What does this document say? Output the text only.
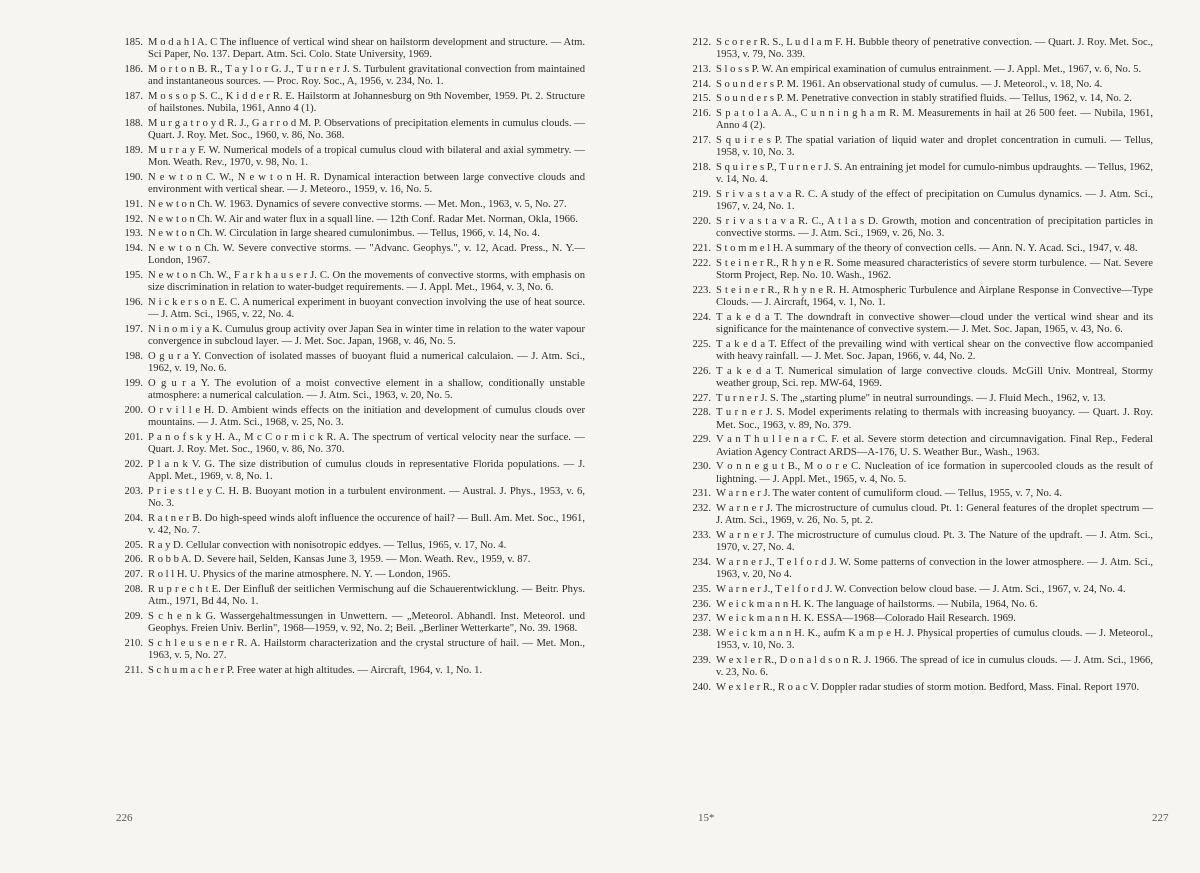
185. M o d a h l A. C The influence of vertical wind shear on hailstorm development and structure. — Atm. Sci Paper, No. 137. Depart. Atm. Sci. Colo. State University, 1969.
186. M o r t o n B. R., T a y l o r G. J., T u r n e r J. S. Turbulent gravitational convection from maintained and instantaneous sources. — Proc. Roy. Soc., A, 1956, v. 234, No. 1.
187. M o s s o p S. C., K i d d e r R. E. Hailstorm at Johannesburg on 9th November, 1959. Pt. 2. Structure of hailstones. Nubila, 1961, Anno 4 (1).
188. M u r g a t r o y d R. J., G a r r o d M. P. Observations of precipitation elements in cumulus clouds. — Quart. J. Roy. Met. Soc., 1960, v. 86, No. 368.
189. M u r r a y F. W. Numerical models of a tropical cumulus cloud with bilateral and axial symmetry. — Mon. Weath. Rev., 1970, v. 98, No. 1.
190. N e w t o n C. W., N e w t o n H. R. Dynamical interaction between large convective clouds and environment with vertical shear. — J. Meteoro., 1959, v. 16, No. 5.
191. N e w t o n Ch. W. 1963. Dynamics of severe convective storms. — Met. Mon., 1963, v. 5, No. 27.
192. N e w t o n Ch. W. Air and water flux in a squall line. — 12th Conf. Radar Met. Norman, Okla, 1966.
193. N e w t o n Ch. W. Circulation in large sheared cumulonimbus. — Tellus, 1966, v. 14, No. 4.
194. N e w t o n Ch. W. Severe convective storms. — "Advanc. Geophys.", v. 12, Acad. Press., N. Y.—London, 1967.
195. N e w t o n Ch. W., F a r k h a u s e r J. C. On the movements of convective storms, with emphasis on size discrimination in relation to water-budget requirements. — J. Appl. Met., 1964, v. 3, No. 6.
196. N i c k e r s o n E. C. A numerical experiment in buoyant convection involving the use of heat source. — J. Atm. Sci., 1965, v. 22, No. 4.
197. N i n o m i y a K. Cumulus group activity over Japan Sea in winter time in relation to the water vapour convergence in subcloud layer. — J. Met. Soc. Japan, 1968, v. 46, No. 5.
198. O g u r a Y. Convection of isolated masses of buoyant fluid a numerical calculaion. — J. Atm. Sci., 1962, v. 19, No. 6.
199. O g u r a Y. The evolution of a moist convective element in a shallow, conditionally unstable atmosphere: a numerical calculation. — J. Atm. Sci., 1963, v. 20, No. 5.
200. O r v i l l e H. D. Ambient winds effects on the initiation and development of cumulus clouds over mountains. — J. Atm. Sci., 1968, v. 25, No. 3.
201. P a n o f s k y H. A., M c C o r m i c k R. A. The spectrum of vertical velocity near the surface. — Quart. J. Roy. Met. Soc., 1960, v. 86, No. 370.
202. P l a n k V. G. The size distribution of cumulus clouds in representative Florida populations. — J. Appl. Met., 1969, v. 8, No. 1.
203. P r i e s t l e y C. H. B. Buoyant motion in a turbulent environment. — Austral. J. Phys., 1953, v. 6, No. 3.
204. R a t n e r B. Do high-speed winds aloft influence the occurence of hail? — Bull. Am. Met. Soc., 1961, v. 42, No. 7.
205. R a y D. Cellular convection with nonisotropic eddyes. — Tellus, 1965, v. 17, No. 4.
206. R o b b A. D. Severe hail, Selden, Kansas June 3, 1959. — Mon. Weath. Rev., 1959, v. 87.
207. R o l l H. U. Physics of the marine atmosphere. N. Y. — London, 1965.
208. R u p r e c h t E. Der Einfluß der seitlichen Vermischung auf die Schauerentwicklung. — Beitr. Phys. Atm., 1971, Bd 44, No. 1.
209. S c h e n k G. Wassergehaltmessungen in Unwettern. — „Meteorol. Abhandl. Inst. Meteorol. und Geophys. Freien Univ. Berlin", 1968—1959, v. 92, No. 2; Beil. „Berliner Wetterkarte", No. 39. 1968.
210. S c h l e u s e n e r R. A. Hailstorm characterization and the crystal structure of hail. — Met. Mon., 1963, v. 5, No. 27.
211. S c h u m a c h e r P. Free water at high altitudes. — Aircraft, 1964, v. 1, No. 1.
226
212. S c o r e r R. S., L u d l a m F. H. Bubble theory of penetrative convection. — Quart. J. Roy. Met. Soc., 1953, v. 79, No. 339.
213. S l o s s P. W. An empirical examination of cumulus entrainment. — J. Appl. Met., 1967, v. 6, No. 5.
214. S o u n d e r s P. M. 1961. An observational study of cumulus. — J. Meteorol., v. 18, No. 4.
215. S o u n d e r s P. M. Penetrative convection in stably stratified fluids. — Tellus, 1962, v. 14, No. 2.
216. S p a t o l a A. A., C u n n i n g h a m R. M. Measurements in hail at 26 500 feet. — Nubila, 1961, Anno 4 (2).
217. S q u i r e s P. The spatial variation of liquid water and droplet concentration in cumuli. — Tellus, 1958, v. 10, No. 3.
218. S q u i r e s P., T u r n e r J. S. An entraining jet model for cumulo-nimbus updraughts. — Tellus, 1962, v. 14, No. 4.
219. S r i v a s t a v a R. C. A study of the effect of precipitation on Cumulus dynamics. — J. Atm. Sci., 1967, v. 24, No. 1.
220. S r i v a s t a v a R. C., A t l a s D. Growth, motion and concentration of precipitation particles in convective storms. — J. Atm. Sci., 1969, v. 26, No. 3.
221. S t o m m e l H. A summary of the theory of convection cells. — Ann. N. Y. Acad. Sci., 1947, v. 48.
222. S t e i n e r R., R h y n e R. Some measured characteristics of severe storm turbulence. — Nat. Severe Storm Project, Rep. No. 10. Wash., 1962.
223. S t e i n e r R., R h y n e R. H. Atmospheric Turbulence and Airplane Response in Convective—Type Clouds. — J. Aircraft, 1964, v. 1, No. 1.
224. T a k e d a T. The downdraft in convective shower—cloud under the vertical wind shear and its significance for the maintenance of convective system.— J. Met. Soc. Japan, 1965, v. 43, No. 6.
225. T a k e d a T. Effect of the prevailing wind with vertical shear on the convective flow accompanied with heavy rainfall. — J. Met. Soc. Japan, 1966, v. 44, No. 2.
226. T a k e d a T. Numerical simulation of large convective clouds. McGill Univ. Montreal, Stormy weather group, Sci. rep. MW-64, 1969.
227. T u r n e r J. S. The „starting plume" in neutral surroundings. — J. Fluid Mech., 1962, v. 13.
228. T u r n e r J. S. Model experiments relating to thermals with increasing buoyancy. — Quart. J. Roy. Met. Soc., 1963, v. 89, No. 379.
229. V a n T h u l l e n a r C. F. et al. Severe storm detection and circumnavigation. Final Rep., Federal Aviation Agency Contract ARDS—A-176, U. S. Weather Bur., Wash., 1963.
230. V o n n e g u t B., M o o r e C. Nucleation of ice formation in supercooled clouds as the result of lightning. — J. Appl. Met., 1965, v. 4, No. 5.
231. W a r n e r J. The water content of cumuliform cloud. — Tellus, 1955, v. 7, No. 4.
232. W a r n e r J. The microstructure of cumulus cloud. Pt. 1: General features of the droplet spectrum — J. Atm. Sci., 1969, v. 26, No. 5, pt. 2.
233. W a r n e r J. The microstructure of cumulus cloud. Pt. 3. The Nature of the updraft. — J. Atm. Sci., 1970, v. 27, No. 4.
234. W a r n e r J., T e l f o r d J. W. Some patterns of convection in the lower atmosphere. — J. Atm. Sci., 1963, v. 20, No 4.
235. W a r n e r J., T e l f o r d J. W. Convection below cloud base. — J. Atm. Sci., 1967, v. 24, No. 4.
236. W e i c k m a n n H. K. The language of hailstorms. — Nubila, 1964, No. 6.
237. W e i c k m a n n H. K. ESSA—1968—Colorado Hail Research. 1969.
238. W e i c k m a n n H. K., aufm K a m p e H. J. Physical properties of cumulus clouds. — J. Meteorol., 1953, v. 10, No. 3.
239. W e x l e r R., D o n a l d s o n R. J. 1966. The spread of ice in cumulus clouds. — J. Atm. Sci., 1966, v. 23, No. 6.
240. W e x l e r R., R o a c V. Doppler radar studies of storm motion. Bedford, Mass. Final. Report 1970.
15*	227
